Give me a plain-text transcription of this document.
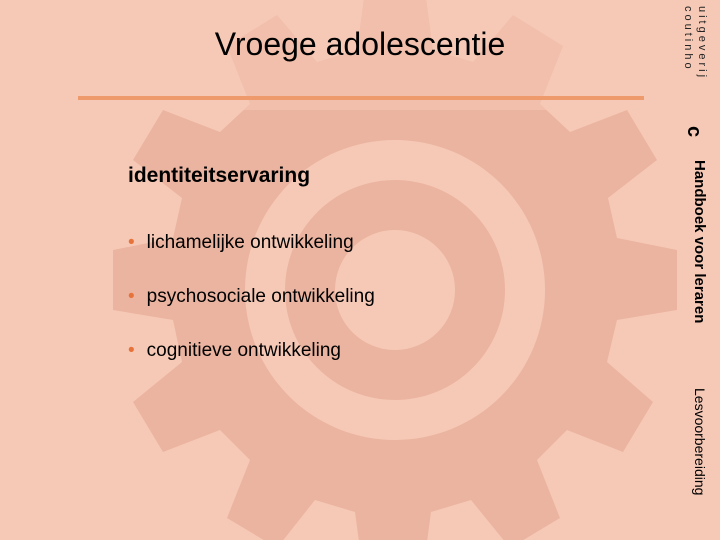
Vroege adolescentie
identiteitservaring
• lichamelijke ontwikkeling
• psychosociale ontwikkeling
• cognitieve ontwikkeling
uitgeverij
coutinho
c
Handboek voor leraren
Lesvoorbereiding
